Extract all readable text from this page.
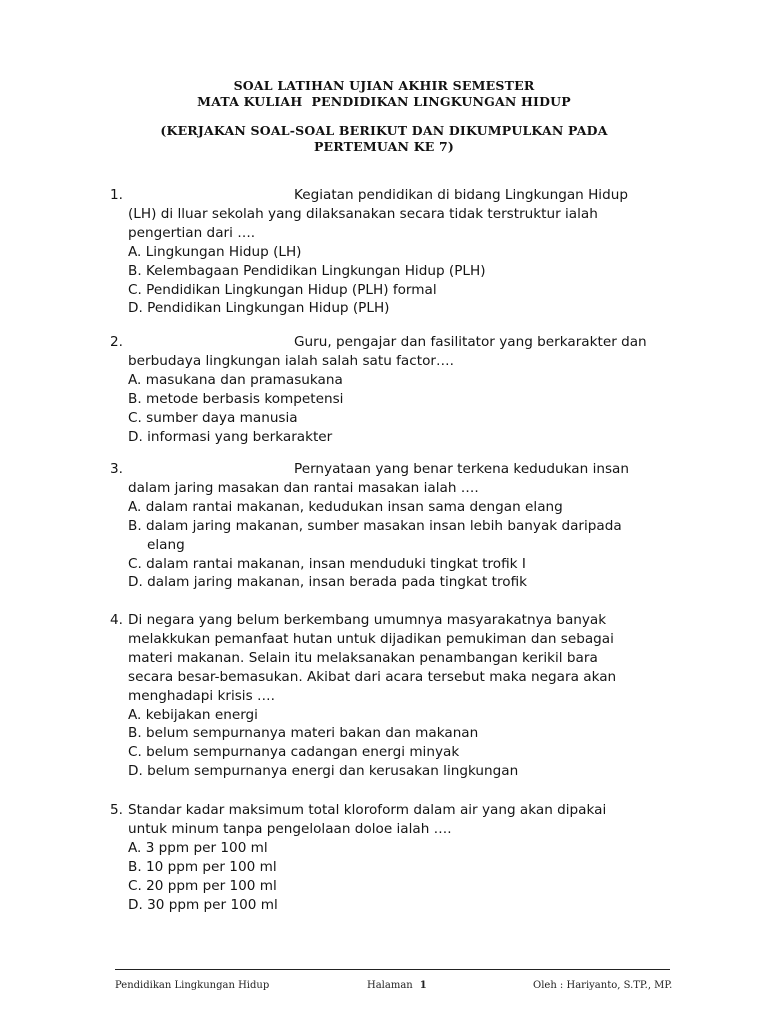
SOAL LATIHAN UJIAN AKHIR SEMESTER
MATA KULIAH  PENDIDIKAN LINGKUNGAN HIDUP
(KERJAKAN SOAL-SOAL BERIKUT DAN DIKUMPULKAN PADA
PERTEMUAN KE 7)
1.	Kegiatan pendidikan di bidang Lingkungan Hidup
(LH) di lluar sekolah yang dilaksanakan secara tidak terstruktur ialah
pengertian dari ….
A. Lingkungan Hidup (LH)
B. Kelembagaan Pendidikan Lingkungan Hidup (PLH)
C. Pendidikan Lingkungan Hidup (PLH) formal
D. Pendidikan Lingkungan Hidup (PLH)
2.	Guru, pengajar dan fasilitator yang berkarakter dan
berbudaya lingkungan ialah salah satu factor….
A. masukana dan pramasukana
B. metode berbasis kompetensi
C. sumber daya manusia
D. informasi yang berkarakter
3.	Pernyataan yang benar terkena kedudukan insan
dalam jaring masakan dan rantai masakan ialah ….
A. dalam rantai makanan, kedudukan insan sama dengan elang
B. dalam jaring makanan, sumber masakan insan lebih banyak daripada
elang
C. dalam rantai makanan, insan menduduki tingkat trofik I
D. dalam jaring makanan, insan berada pada tingkat trofik
4. Di negara yang belum berkembang umumnya masyarakatnya banyak
melakkukan pemanfaat hutan untuk dijadikan pemukiman dan sebagai
materi makanan. Selain itu melaksanakan penambangan kerikil bara
secara besar-bemasukan. Akibat dari acara tersebut maka negara akan
menghadapi krisis ….
A. kebijakan energi
B. belum sempurnanya materi bakan dan makanan
C. belum sempurnanya cadangan energi minyak
D. belum sempurnanya energi dan kerusakan lingkungan
5. Standar kadar maksimum total kloroform dalam air yang akan dipakai
untuk minum tanpa pengelolaan doloe ialah ….
A. 3 ppm per 100 ml
B. 10 ppm per 100 ml
C. 20 ppm per 100 ml
D. 30 ppm per 100 ml
Pendidikan Lingkungan Hidup	Halaman 1	Oleh : Hariyanto, S.TP., MP.
